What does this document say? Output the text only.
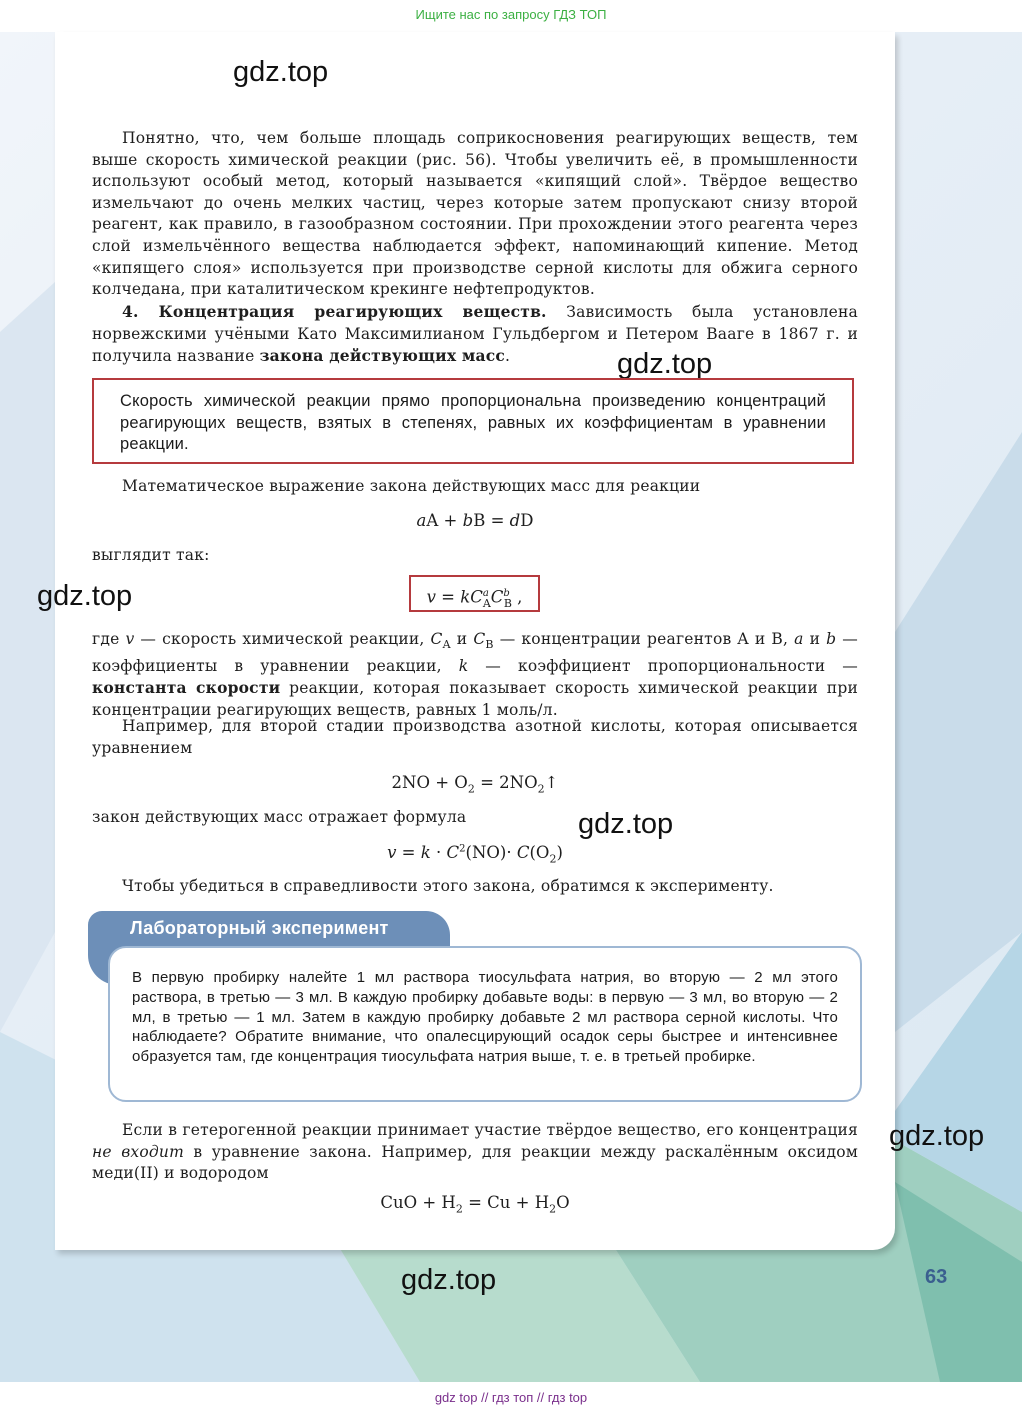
Ищите нас по запросу ГДЗ ТОП
gdz.top
gdz.top
gdz.top
gdz.top
gdz.top
gdz.top
Понятно, что, чем больше площадь соприкосновения реагирующих веществ, тем выше скорость химической реакции (рис. 56). Чтобы увеличить её, в промышленности используют особый метод, который называется «кипящий слой». Твёрдое вещество измельчают до очень мелких частиц, через которые затем пропускают снизу второй реагент, как правило, в газообразном состоянии. При прохождении этого реагента через слой измельчённого вещества наблюдается эффект, напоминающий кипение. Метод «кипящего слоя» используется при производстве серной кислоты для обжига серного колчедана, при каталитическом крекинге нефтепродуктов.
4. Концентрация реагирующих веществ. Зависимость была установлена норвежскими учёными Като Максимилианом Гульдбергом и Петером Вааге в 1867 г. и получила название закона действующих масс.
Скорость химической реакции прямо пропорциональна произведению концентраций реагирующих веществ, взятых в степенях, равных их коэффициентам в уравнении реакции.
Математическое выражение закона действующих масс для реакции
aA + bB = dD
выглядит так:
$v = kC^a_AC^b_B$ ,
где v — скорость химической реакции, $C_A$ и $C_B$ — концентрации реагентов A и B, a и b — коэффициенты в уравнении реакции, k — коэффициент пропорциональности — константа скорости реакции, которая показывает скорость химической реакции при концентрации реагирующих веществ, равных 1 моль/л.
Например, для второй стадии производства азотной кислоты, которая описывается уравнением
$2NO + O_2$ = $2NO_2↑$
закон действующих масс отражает формула
$v = k \cdot C^2(NO)\cdot C(O_2)$
Чтобы убедиться в справедливости этого закона, обратимся к эксперименту.
В первую пробирку налейте 1 мл раствора тиосульфата натрия, во вторую — 2 мл этого раствора, в третью — 3 мл. В каждую пробирку добавьте воды: в первую — 3 мл, во вторую — 2 мл, в третью — 1 мл. Затем в каждую пробирку добавьте 2 мл раствора серной кислоты. Что наблюдаете? Обратите внимание, что опалесцирующий осадок серы быстрее и интенсивнее образуется там, где концентрация тиосульфата натрия выше, т. е. в третьей пробирке.
Лабораторный эксперимент
Если в гетерогенной реакции принимает участие твёрдое вещество, его концентрация не входит в уравнение закона. Например, для реакции между раскалённым оксидом меди(II) и водородом
CuO + $H_2 = Cu + H_2O$
63
gdz top // гдз топ // гдз top
